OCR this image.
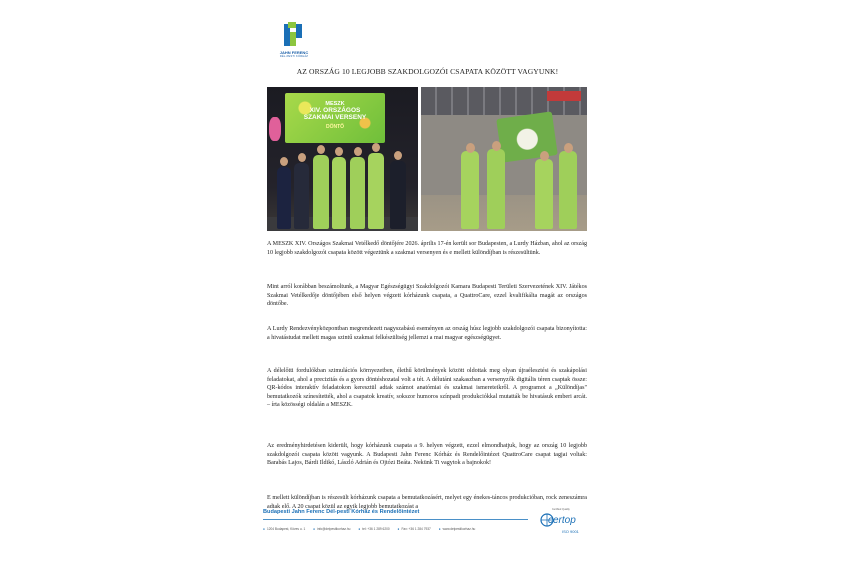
JAHN FERENC
DÉL-PESTI KÓRHÁZ
AZ ORSZÁG 10 LEGJOBB SZAKDOLGOZÓI CSAPATA KÖZÖTT VAGYUNK!
MESZK
XIV. ORSZÁGOS
SZAKMAI VERSENY
DÖNTŐ

A MESZK XIV. Országos Szakmai Vetélkedő döntőjére 2026. április 17-én került sor Budapesten, a Lurdy Házban, ahol az ország 10 legjobb szakdolgozói csapata között végeztünk a szakmai versenyen és e mellett különdíjban is részesültünk.

Mint arról korábban beszámoltunk, a Magyar Egészségügyi Szakdolgozói Kamara Budapesti Területi Szervezetének XIV. Játékos Szakmai Vetélkedője döntőjében első helyen végzett kórházunk csapata, a QuattroCare, ezzel kvalifikálta magát az országos döntőbe.

A Lurdy Rendezvényközpontban megrendezett nagyszabású eseményen az ország húsz legjobb szakdolgozói csapata bizonyította: a hivatástudat mellett magas szintű szakmai felkészültség jellemzi a mai magyar egészségügyet.

A délelőtti fordulókban szimulációs környezetben, élethű körülmények között oldottak meg olyan újraélesztési és szakápolási feladatokat, ahol a precizitás és a gyors döntéshozatal volt a tét. A délutáni szakaszban a versenyzők digitális téren csaptak össze: QR-kódos interaktív feladatokon keresztül adtak számot anatómiai és szakmai ismereteikről. A programot a „Különdíjas" bemutatkozók színesítették, ahol a csapatok kreatív, sokszor humoros színpadi produkciókkal mutatták be hivatásuk emberi arcát. – írta közösségi oldalán a MESZK.

Az eredményhirdetésen kiderült, hogy kórházunk csapata a 9. helyen végzett, ezzel elmondhatjuk, hogy az ország 10 legjobb szakdolgozói csapata között vagyunk. A Budapesti Jahn Ferenc Kórház és Rendelőintézet QuattroCare csapat tagjai voltak: Barabás Lajos, Bárdi Ildikó, László Adrián és Ojtózi Beáta. Nekünk Ti vagytok a bajnokok!

E mellett különdíjban is részesült kórházunk csapata a bemutatkozásért, melyet egy énekes-táncos produkcióban, rock zeneszámra adtak elő. A 20 csapat közül az egyik legjobb bemutatkozást a

Budapesti Jahn Ferenc Dél-pesti Kórház és Rendelőintézet
● 1204 Budapest, Köves u. 1 ● info@delpestikorhaz.hu ● tel: +36 1 289 6200 ● Fax: +36 1 284 7937 ● www.delpestikorhaz.hu
Certified Quality
certop
ISO 9001
